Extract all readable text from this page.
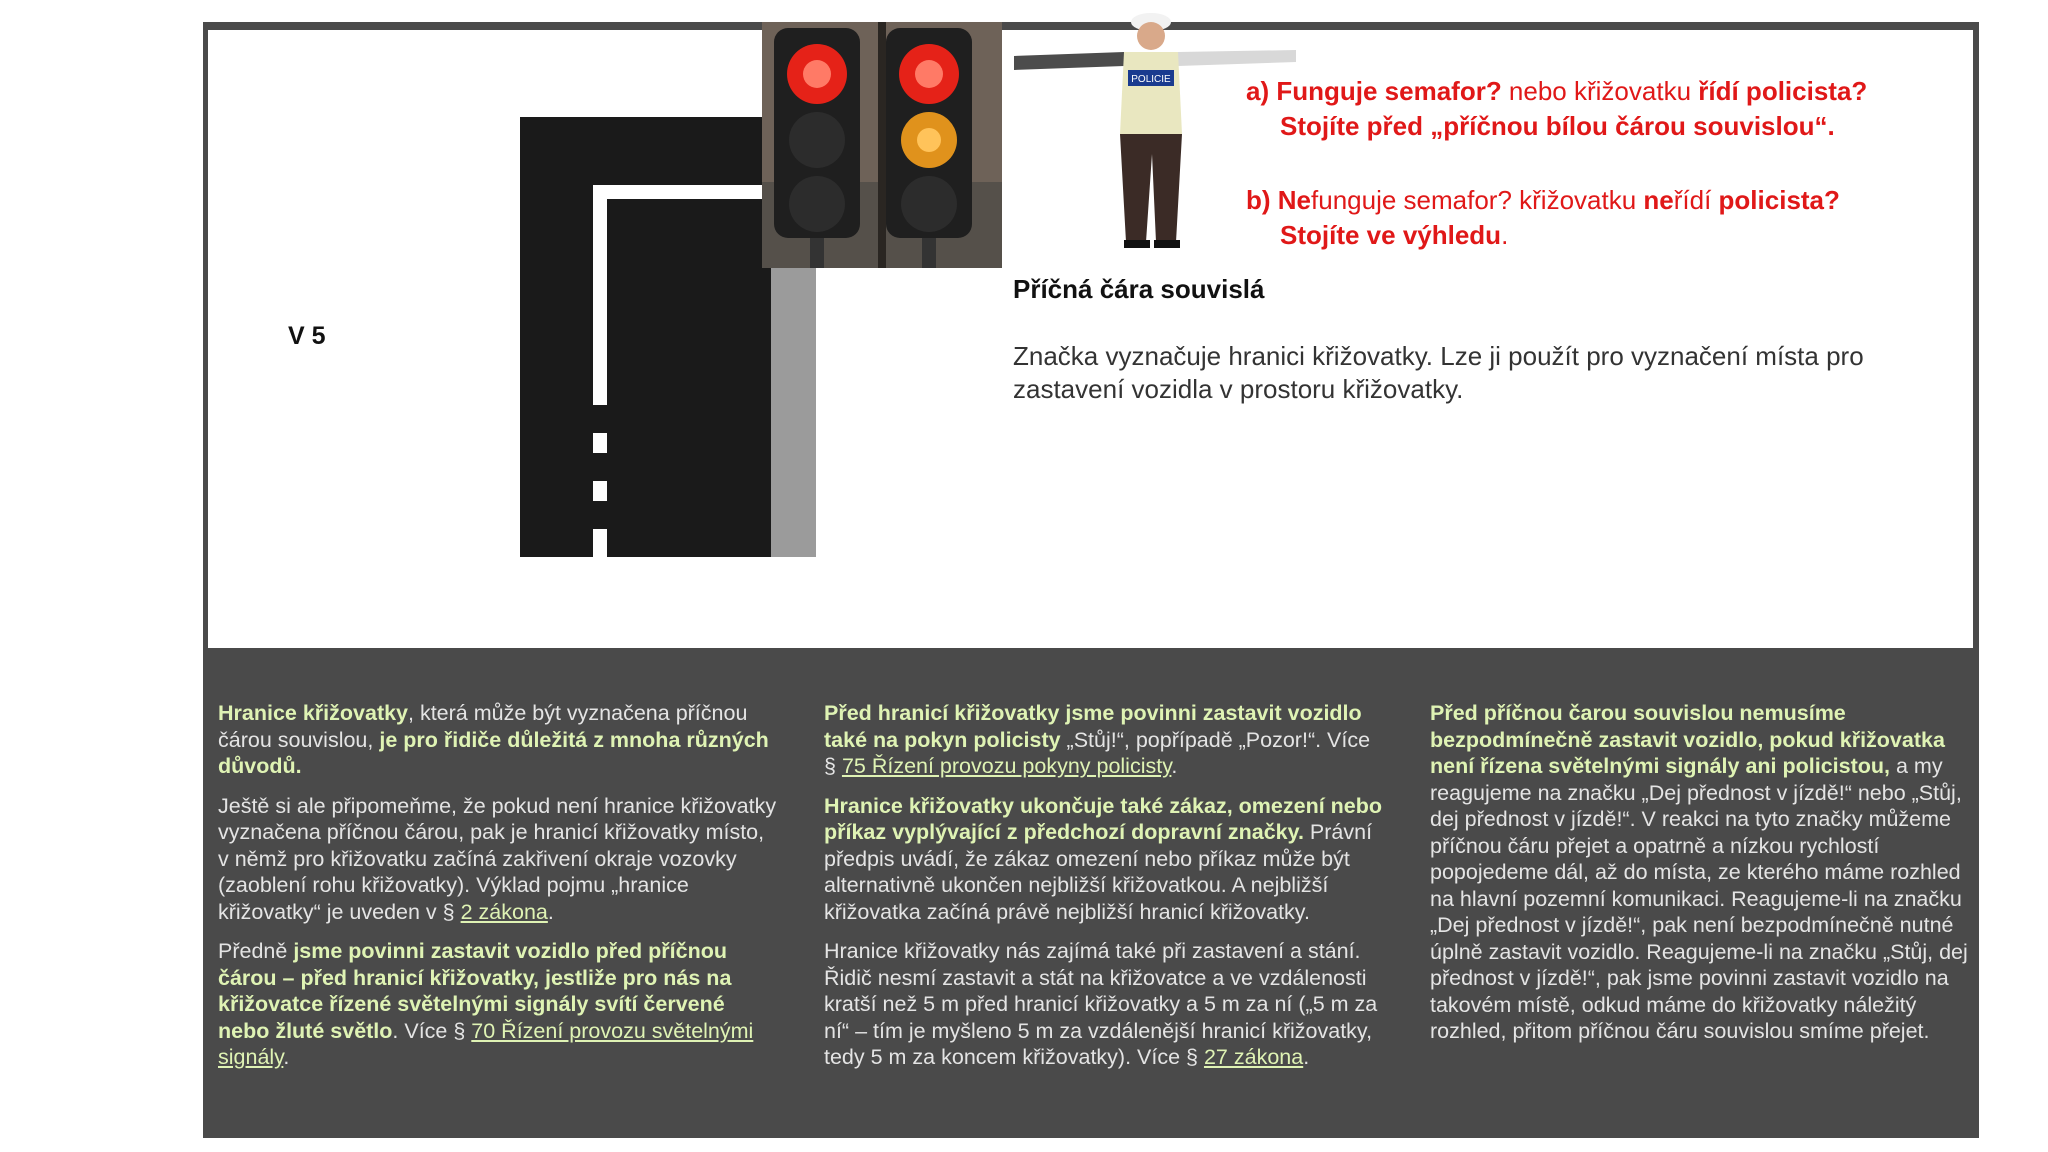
V 5
POLICIE	a) Funguje semafor? nebo křižovatku řídí policista?
Stojíte před „příčnou bílou čárou souvislou“.
b) Nefunguje semafor? křižovatku neřídí policista?
Stojíte ve výhledu.
Příčná čára souvislá
Značka vyznačuje hranici křižovatky. Lze ji použít pro vyznačení místa pro zastavení vozidla v prostoru křižovatky.

Hranice křižovatky, která může být vyznačena příčnou čárou souvislou, je pro řidiče důležitá z mnoha různých důvodů.

Ještě si ale připomeňme, že pokud není hranice křižovatky vyznačena příčnou čárou, pak je hranicí křižovatky místo, v němž pro křižovatku začíná zakřivení okraje vozovky (zaoblení rohu křižovatky). Výklad pojmu „hranice křižovatky“ je uveden v § 2 zákona.

Předně jsme povinni zastavit vozidlo před příčnou čárou – před hranicí křižovatky, jestliže pro nás na křižovatce řízené světelnými signály svítí červené nebo žluté světlo. Více § 70 Řízení provozu světelnými signály.

Před hranicí křižovatky jsme povinni zastavit vozidlo také na pokyn policisty „Stůj!“, popřípadě „Pozor!“. Více § 75 Řízení provozu pokyny policisty.

Hranice křižovatky ukončuje také zákaz, omezení nebo příkaz vyplývající z předchozí dopravní značky. Právní předpis uvádí, že zákaz omezení nebo příkaz může být alternativně ukončen nejbližší křižovatkou. A nejbližší křižovatka začíná právě nejbližší hranicí křižovatky.

Hranice křižovatky nás zajímá také při zastavení a stání. Řidič nesmí zastavit a stát na křižovatce a ve vzdálenosti kratší než 5 m před hranicí křižovatky a 5 m za ní („5 m za ní“ – tím je myšleno 5 m za vzdálenější hranicí křižovatky, tedy 5 m za koncem křižovatky). Více § 27 zákona.

Před příčnou čarou souvislou nemusíme bezpodmínečně zastavit vozidlo, pokud křižovatka není řízena světelnými signály ani policistou, a my reagujeme na značku „Dej přednost v jízdě!“ nebo „Stůj, dej přednost v jízdě!“. V reakci na tyto značky můžeme příčnou čáru přejet a opatrně a nízkou rychlostí popojedeme dál, až do místa, ze kterého máme rozhled na hlavní pozemní komunikaci. Reagujeme-li na značku „Dej přednost v jízdě!“, pak není bezpodmínečně nutné úplně zastavit vozidlo. Reagujeme-li na značku „Stůj, dej přednost v jízdě!“, pak jsme povinni zastavit vozidlo na takovém místě, odkud máme do křižovatky náležitý rozhled, přitom příčnou čáru souvislou smíme přejet.
